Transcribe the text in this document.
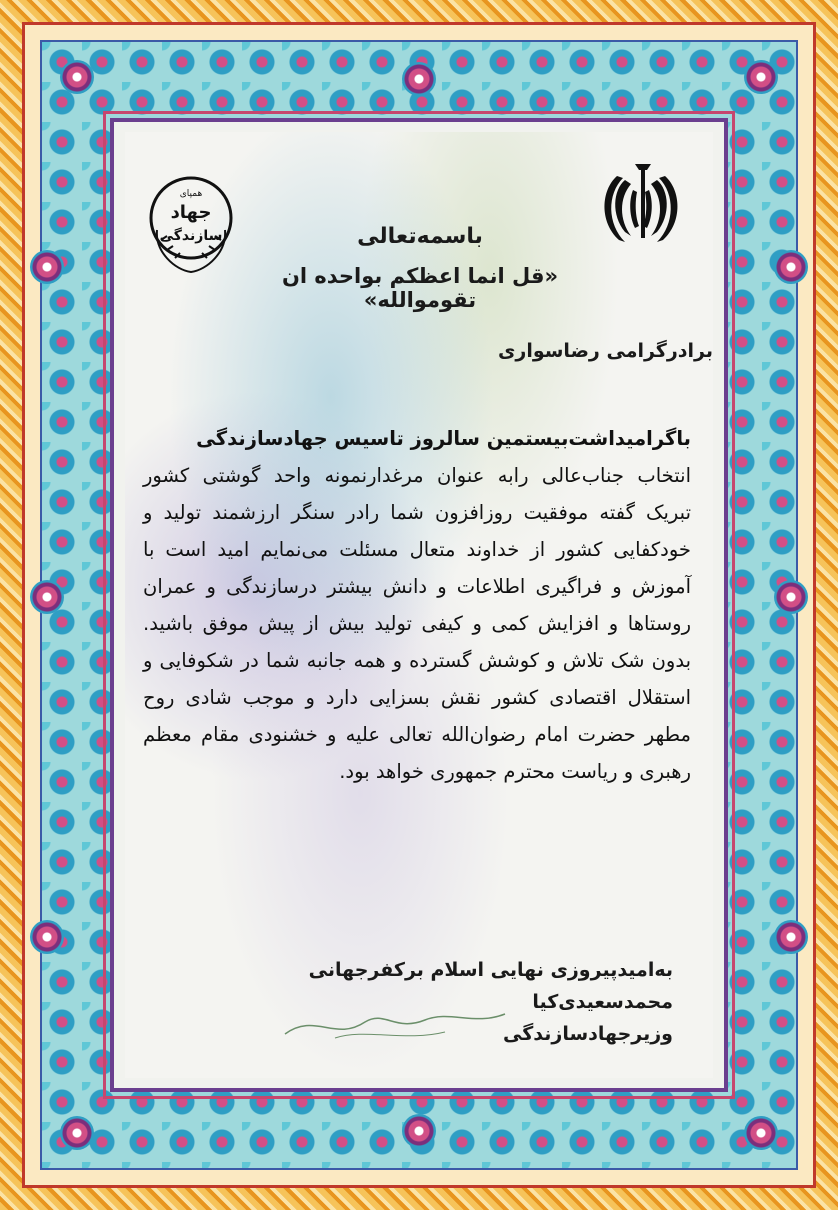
همپای
جهاد
سازندگی	باسمه‌تعالی
«قل انما اعظکم بواحده ان تقوموالله»
برادرگرامی رضاسواری

باگرامیداشت‌بیستمین سالروز تاسیس جهادسازندگی

انتخاب جناب‌عالی رابه عنوان مرغدارنمونه واحد گوشتی کشور تبریک گفته موفقیت روزافزون شما رادر سنگر ارزشمند تولید و خودکفایی کشور از خداوند متعال مسئلت می‌نمایم امید است با آموزش و فراگیری اطلاعات و دانش بیشتر درسازندگی و عمران روستاها و افزایش کمی و کیفی تولید بیش از پیش موفق باشید. بدون شک تلاش و کوشش گسترده و همه جانبه شما در شکوفایی و استقلال اقتصادی کشور نقش بسزایی دارد و موجب شادی روح مطهر حضرت امام رضوان‌الله تعالی علیه و خشنودی مقام معظم رهبری و ریاست محترم جمهوری خواهد بود.

به‌امیدپیروزی نهایی اسلام برکفرجهانی
محمدسعیدی‌کیا
وزیرجهادسازندگی
